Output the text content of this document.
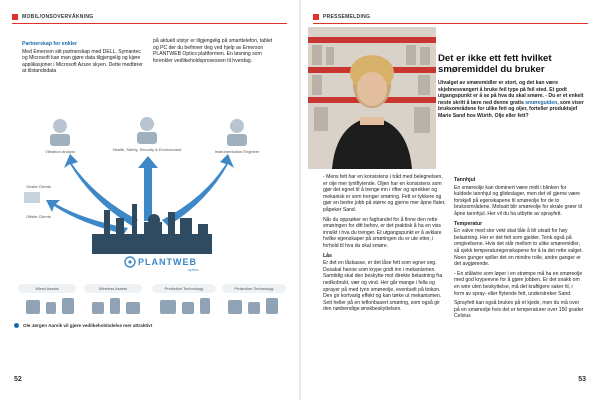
MOBIL/ONSOVERVÅKNING
Partnerskap for enkler

Med Emerson sitt partnerskap med DELL, Symantec og Microsoft kan man gjøre data tilgjengelig og kjøre applikasjoner i Microsoft Azure skyen. Dette medfører at tilstandsdata

på aktuelt utstyr er tilgjengelig på smarttelefon, tablet og PC der du befinner deg ved hjelp av Emerson PLANTWEB Optics plattformen. En løsning som forenkler vedlikeholdsprosessen til hverdag.

Vibration Analyst	Health, Safety, Security & Environment	Instrumentation Engineer
Onsite Clients
Offsite Clients
PLANTWEB
optics
Wired Assets	Wireless Assets	Predictive Technology	Protection Technology
Ole Jørgen Aarvik vil gjøre vedlikeholdsdelse mer attraktivt
52
PRESSEMELDING
Det er ikke ett fett hvilket smøremiddel du bruker
Utvalget av smøremidler er stort, og det kan være skjebnesvangert å bruke feil type på feil sted. Et godt utgangspunkt er å se på hva du skal smøre. - Du er et enkelt neste skritt å lære ned denne gratis smøreguiden, som viser bruksområdene for ulike fett og oljer, forteller produktsjef Marie Sand hos Würth. Olje eller fett?

- Mens fett har en konsistens i tråd med belegnelsen, er olje mer tyntflytende. Oljen har en konsistens som gjør det egnet til å trenge inn i rifter og sprekker og mekanisk er som trenger smøring. Fett er tykkere og gjør en bedre jobb på større og gjerne mer åpne flater, påpeker Sand.

Når du oppsøker en faghandel for å finne den rette smøringen for ditt behov, er det praktisk å ha en viss innsikt i hva du trenger. Et utgangspunkt er å avklare hvilke egenskaper på smøringen du er ute etter, i forhold til hva du skal smøre.

Lås

Er det en låskasse, er det låse fett som egner seg. Dusakal hanoe som krype godt inn i mekanismen. Samtidig skal den beskytte mot direkte belastning fra nedkobrukt, vær og vind. Her går mange i fella og sprayer på med tynn smøreolje, eventuelt på bokon. Den gir kortvarig effekt og kan tørke ut mekanismen. Sett heller på en teflonbasert smøring, som også gir den nødvendige ønskbeskyttelsen.

Tannhjul

En smøreolje kan dominert være midt i blinken for kuldede tannhjul og glideslager, men det vil gjerne være forskjell på egenskapene til smøreolje for de to bruksområdene. Motsatt blir smøreolje for skrale grøer til åpne tannhjul. Her vil du ha utbytte av sprayfett.

Temperatur

En valve med stor vekt skal tåle å bli utsatt for høy belastning. Her er det fett som gjelder. Tenk også på omgivelsene. Hvis det står mellom to ulike smøremidler, så sjekk temperaturegenskapene for å ta det rette valget. Noen gunger spiller det en mindre rolle, andre ganger er det avgjørende.

- En stålwire som løper i en strømpe må ha en smøreolje med god krypeevne for å gjøre jobben. Er det snakk om en wire uten beskyttelse, må det kraftigere saker til, i form av spray- eller flytende fett, understreker Sand.

Sprayfett kan også brukes på et kjede, men du må over på en smøreolje hvis det er temperaturer over 150 grader Celsius

53
